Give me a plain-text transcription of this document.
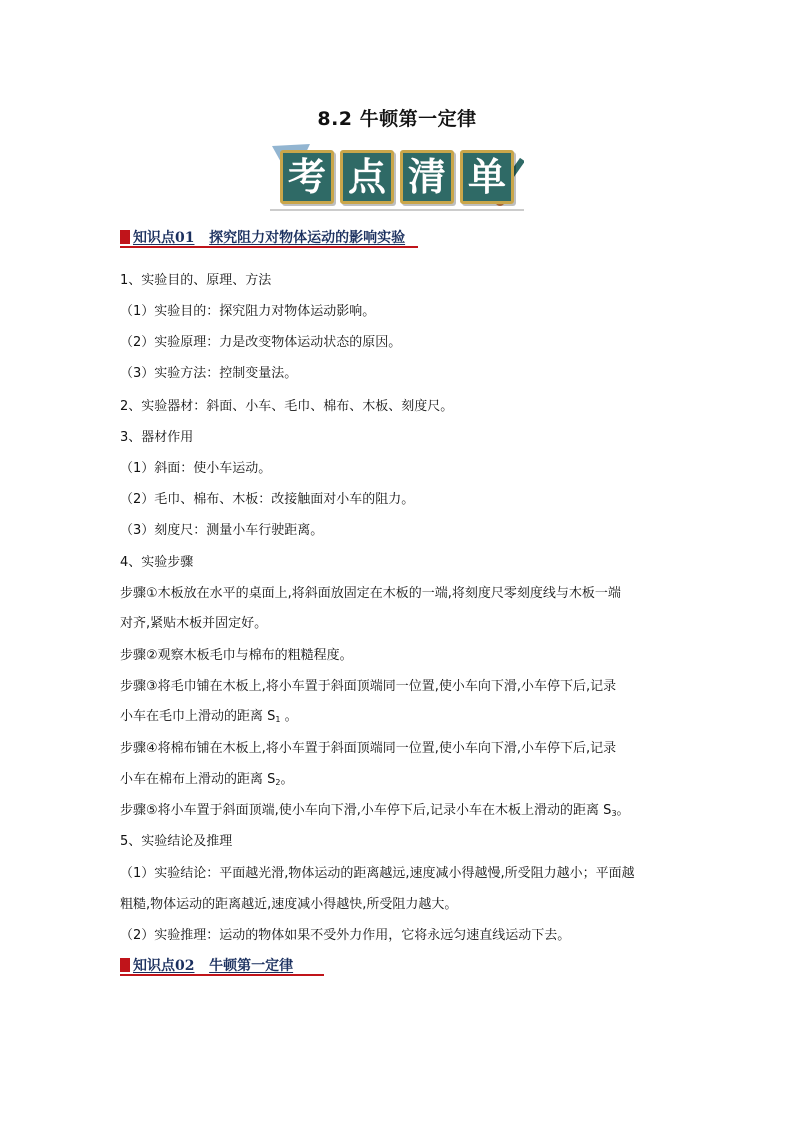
8.2 牛顿第一定律
考 点 清 单
知识点01 探究阻力对物体运动的影响实验
1、实验目的、原理、方法
（1）实验目的：探究阻力对物体运动影响。
（2）实验原理：力是改变物体运动状态的原因。
（3）实验方法：控制变量法。
2、实验器材：斜面、小车、毛巾、棉布、木板、刻度尺。
3、器材作用
（1）斜面：使小车运动。
（2）毛巾、棉布、木板：改接触面对小车的阻力。
（3）刻度尺：测量小车行驶距离。
4、实验步骤
步骤①木板放在水平的桌面上,将斜面放固定在木板的一端,将刻度尺零刻度线与木板一端
对齐,紧贴木板并固定好。
步骤②观察木板毛巾与棉布的粗糙程度。
步骤③将毛巾铺在木板上,将小车置于斜面顶端同一位置,使小车向下滑,小车停下后,记录
小车在毛巾上滑动的距离 $S_1$ 。
步骤④将棉布铺在木板上,将小车置于斜面顶端同一位置,使小车向下滑,小车停下后,记录
小车在棉布上滑动的距离 $S_2$。
步骤⑤将小车置于斜面顶端,使小车向下滑,小车停下后,记录小车在木板上滑动的距离 $S_3$。
5、实验结论及推理
（1）实验结论：平面越光滑,物体运动的距离越远,速度减小得越慢,所受阻力越小；平面越
粗糙,物体运动的距离越近,速度减小得越快,所受阻力越大。
（2）实验推理：运动的物体如果不受外力作用，它将永远匀速直线运动下去。
知识点02 牛顿第一定律
